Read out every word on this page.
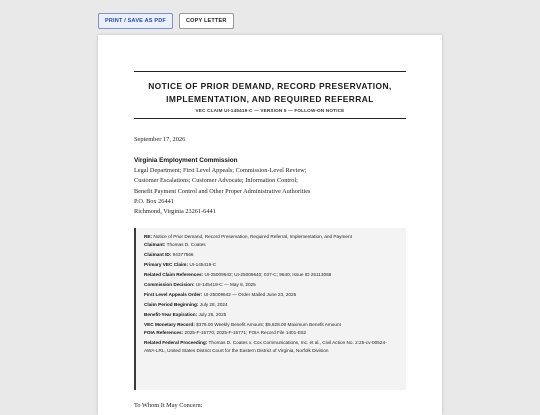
PRINT / SAVE AS PDF	COPY LETTER
NOTICE OF PRIOR DEMAND, RECORD PRESERVATION,
IMPLEMENTATION, AND REQUIRED REFERRAL
VEC CLAIM UI-145419-C — VERSION 5 — FOLLOW-ON NOTICE
September 17, 2026
Virginia Employment Commission
Legal Department; First Level Appeals; Commission-Level Review;
Customer Escalations; Customer Advocate; Information Control;
Benefit Payment Control and Other Proper Administrative Authorities
P.O. Box 26441
Richmond, Virginia 23261-6441
RE: Notice of Prior Demand, Record Preservation, Required Referral, Implementation, and Payment
Claimant: Thomas D. Coates
Claimant ID: 94377566
Primary VEC Claim: UI-145419-C
Related Claim References: UI-25009642; UI-25009640; 037-C; 9640; Issue ID 25113068
Commission Decision: UI-145419-C — May 8, 2025
First Level Appeals Order: UI-25009642 — Order Mailed June 23, 2025
Claim Period Beginning: July 28, 2024
Benefit-Year Expiration: July 26, 2025
VEC Monetary Record: $378.00 Weekly Benefit Amount; $9,828.00 Maximum Benefit Amount
FOIA References: 2025-F-15770; 2025-F-15771; FOIA Record File 1401-E52
Related Federal Proceeding: Thomas D. Coates v. Cox Communications, Inc. et al., Civil Action No. 2:25-cv-00524-AWA-LRL, United States District Court for the Eastern District of Virginia, Norfolk Division
To Whom It May Concern:
